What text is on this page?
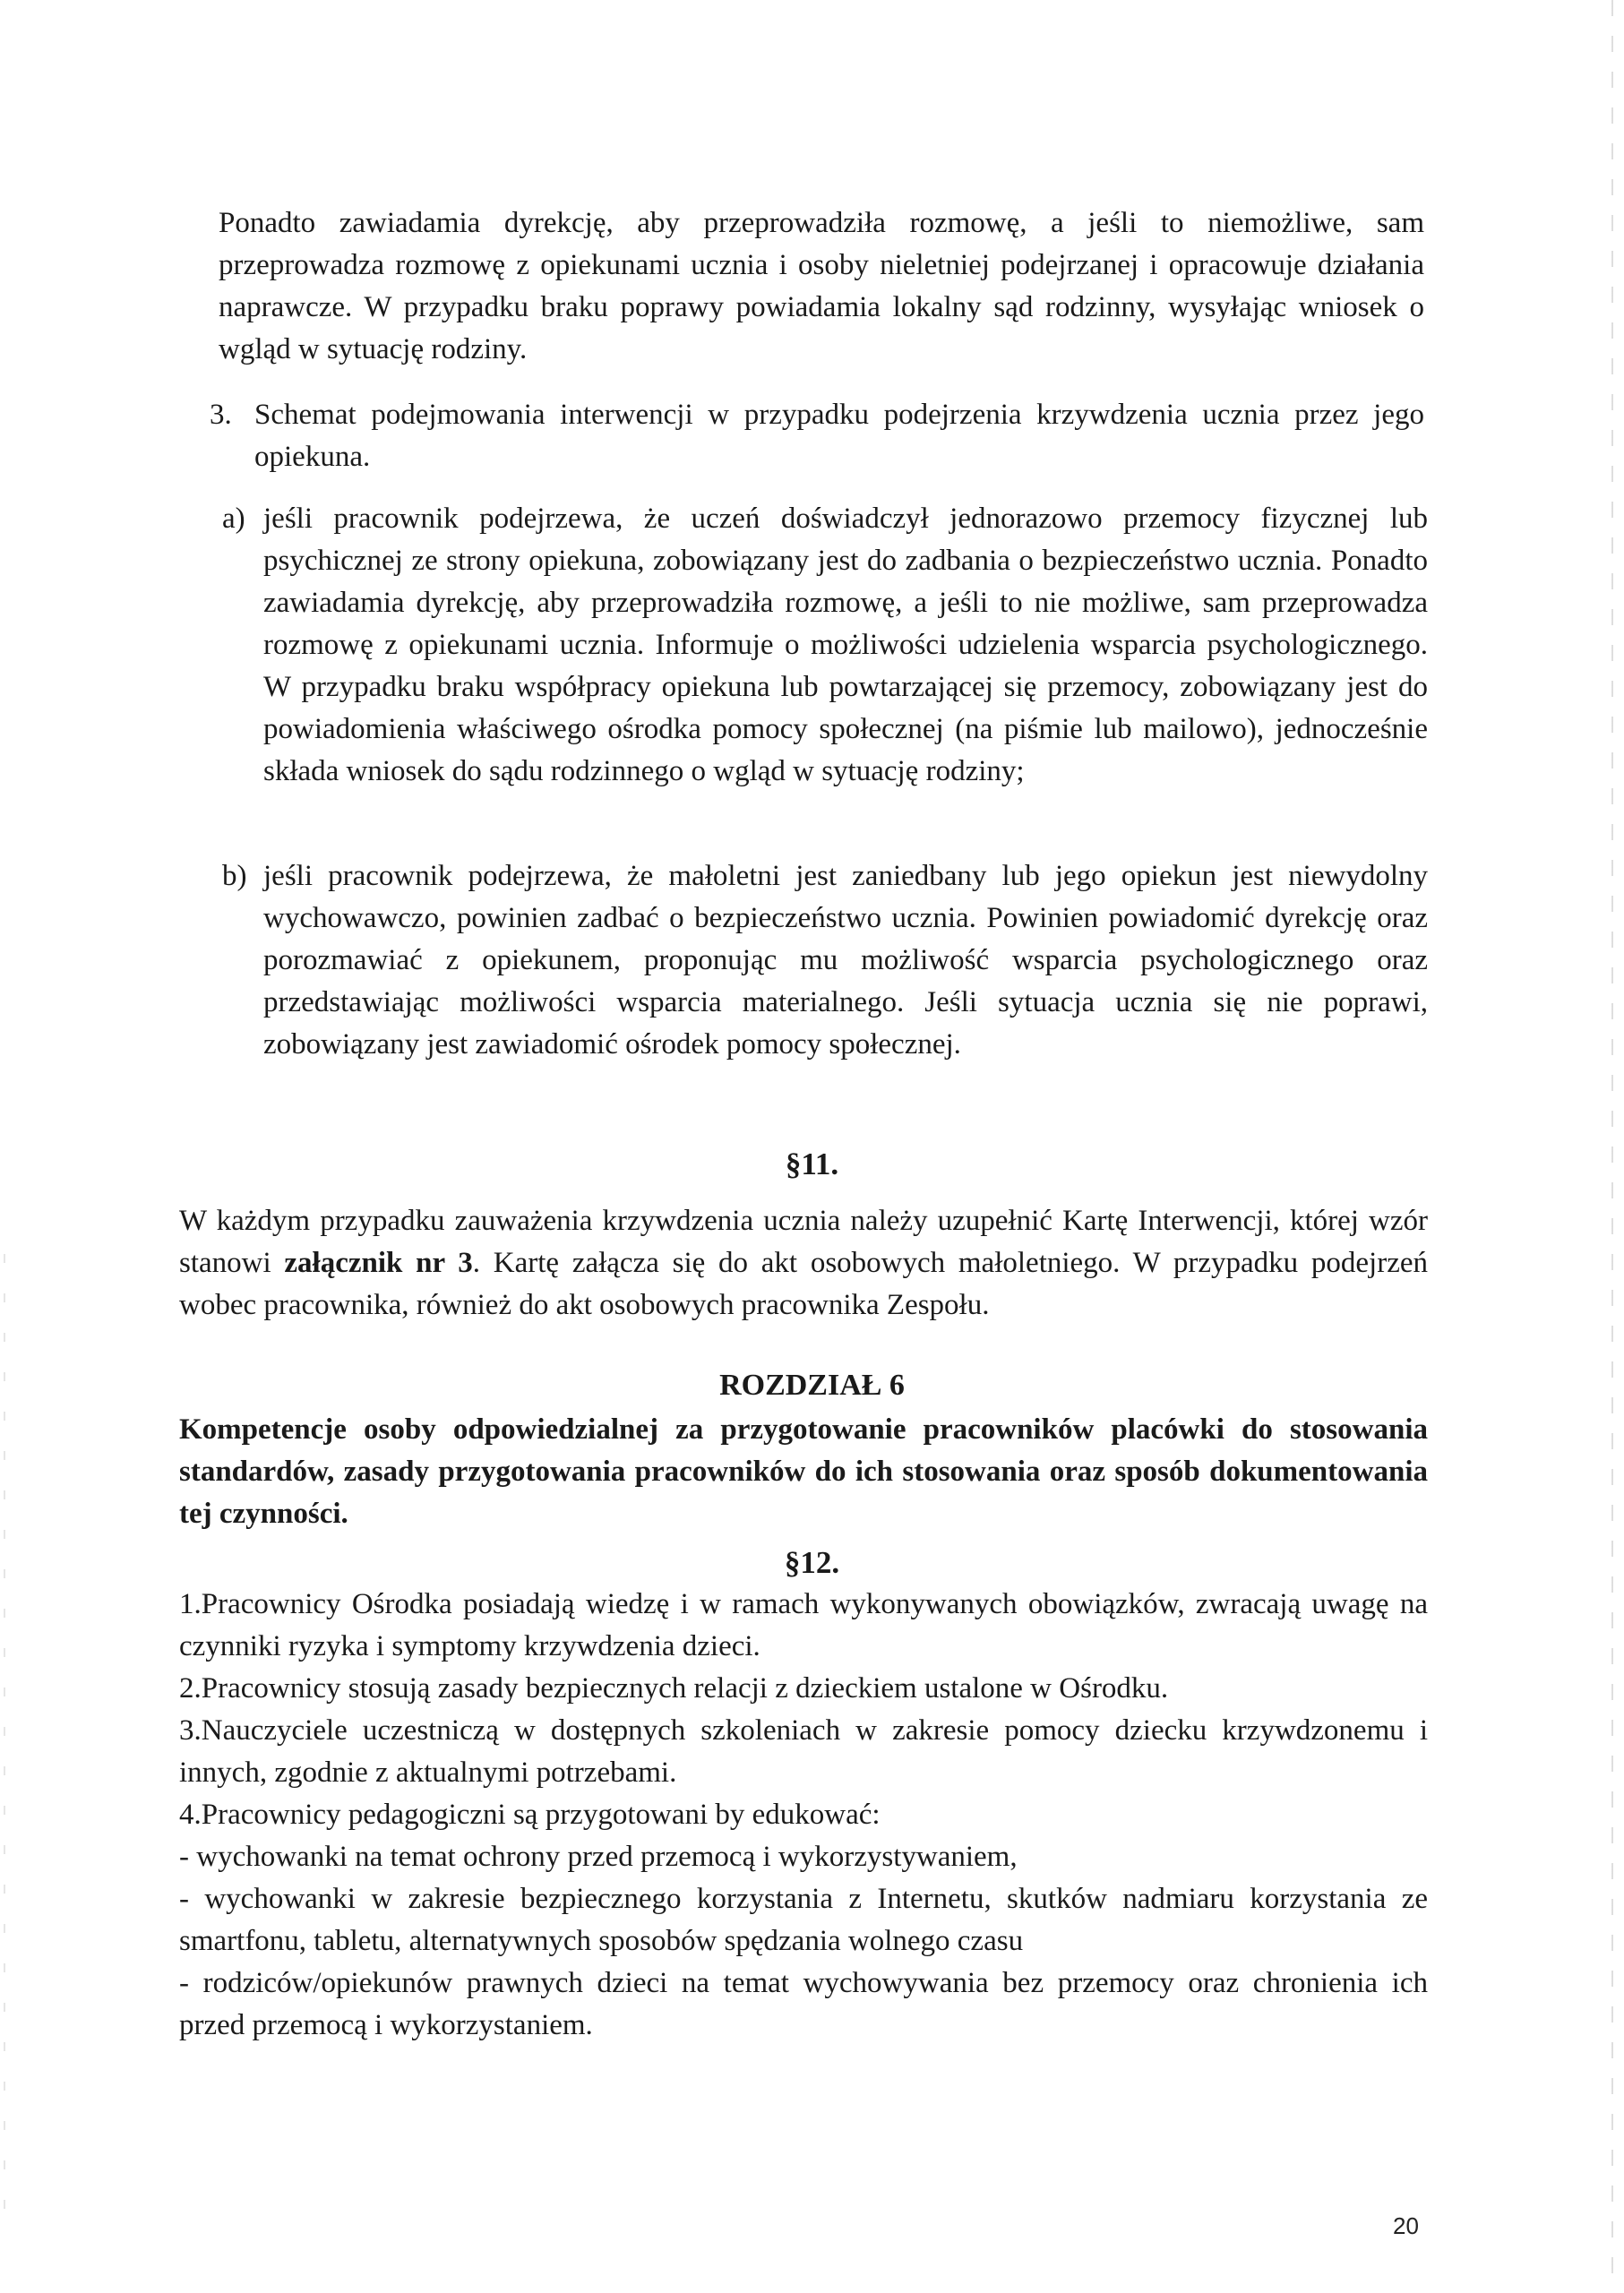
Ponadto zawiadamia dyrekcję, aby przeprowadziła rozmowę, a jeśli to niemożliwe, sam przeprowadza rozmowę z opiekunami ucznia i osoby nieletniej podejrzanej i opracowuje działania naprawcze. W przypadku braku poprawy powiadamia lokalny sąd rodzinny, wysyłając wniosek o wgląd w sytuację rodziny.
3. Schemat podejmowania interwencji w przypadku podejrzenia krzywdzenia ucznia przez jego opiekuna.
a) jeśli pracownik podejrzewa, że uczeń doświadczył jednorazowo przemocy fizycznej lub psychicznej ze strony opiekuna, zobowiązany jest do zadbania o bezpieczeństwo ucznia. Ponadto zawiadamia dyrekcję, aby przeprowadziła rozmowę, a jeśli to nie możliwe, sam przeprowadza rozmowę z opiekunami ucznia. Informuje o możliwości udzielenia wsparcia psychologicznego. W przypadku braku współpracy opiekuna lub powtarzającej się przemocy, zobowiązany jest do powiadomienia właściwego ośrodka pomocy społecznej (na piśmie lub mailowo), jednocześnie składa wniosek do sądu rodzinnego o wgląd w sytuację rodziny;
b) jeśli pracownik podejrzewa, że małoletni jest zaniedbany lub jego opiekun jest niewydolny wychowawczo, powinien zadbać o bezpieczeństwo ucznia. Powinien powiadomić dyrekcję oraz porozmawiać z opiekunem, proponując mu możliwość wsparcia psychologicznego oraz przedstawiając możliwości wsparcia materialnego. Jeśli sytuacja ucznia się nie poprawi, zobowiązany jest zawiadomić ośrodek pomocy społecznej.
§11.
W każdym przypadku zauważenia krzywdzenia ucznia należy uzupełnić Kartę Interwencji, której wzór stanowi załącznik nr 3. Kartę załącza się do akt osobowych małoletniego. W przypadku podejrzeń wobec pracownika, również do akt osobowych pracownika Zespołu.
ROZDZIAŁ 6
Kompetencje osoby odpowiedzialnej za przygotowanie pracowników placówki do stosowania standardów, zasady przygotowania pracowników do ich stosowania oraz sposób dokumentowania tej czynności.
§12.
1.Pracownicy Ośrodka posiadają wiedzę i w ramach wykonywanych obowiązków, zwracają uwagę na czynniki ryzyka i symptomy krzywdzenia dzieci.
2.Pracownicy stosują zasady bezpiecznych relacji z dzieckiem ustalone w Ośrodku.
3.Nauczyciele uczestniczą w dostępnych szkoleniach w zakresie pomocy dziecku krzywdzonemu i innych, zgodnie z aktualnymi potrzebami.
4.Pracownicy pedagogiczni są przygotowani by edukować:
- wychowanki na temat ochrony przed przemocą i wykorzystywaniem,
- wychowanki w zakresie bezpiecznego korzystania z Internetu, skutków nadmiaru korzystania ze smartfonu, tabletu, alternatywnych sposobów spędzania wolnego czasu
- rodziców/opiekunów prawnych dzieci na temat wychowywania bez przemocy oraz chronienia ich przed przemocą i wykorzystaniem.
20
